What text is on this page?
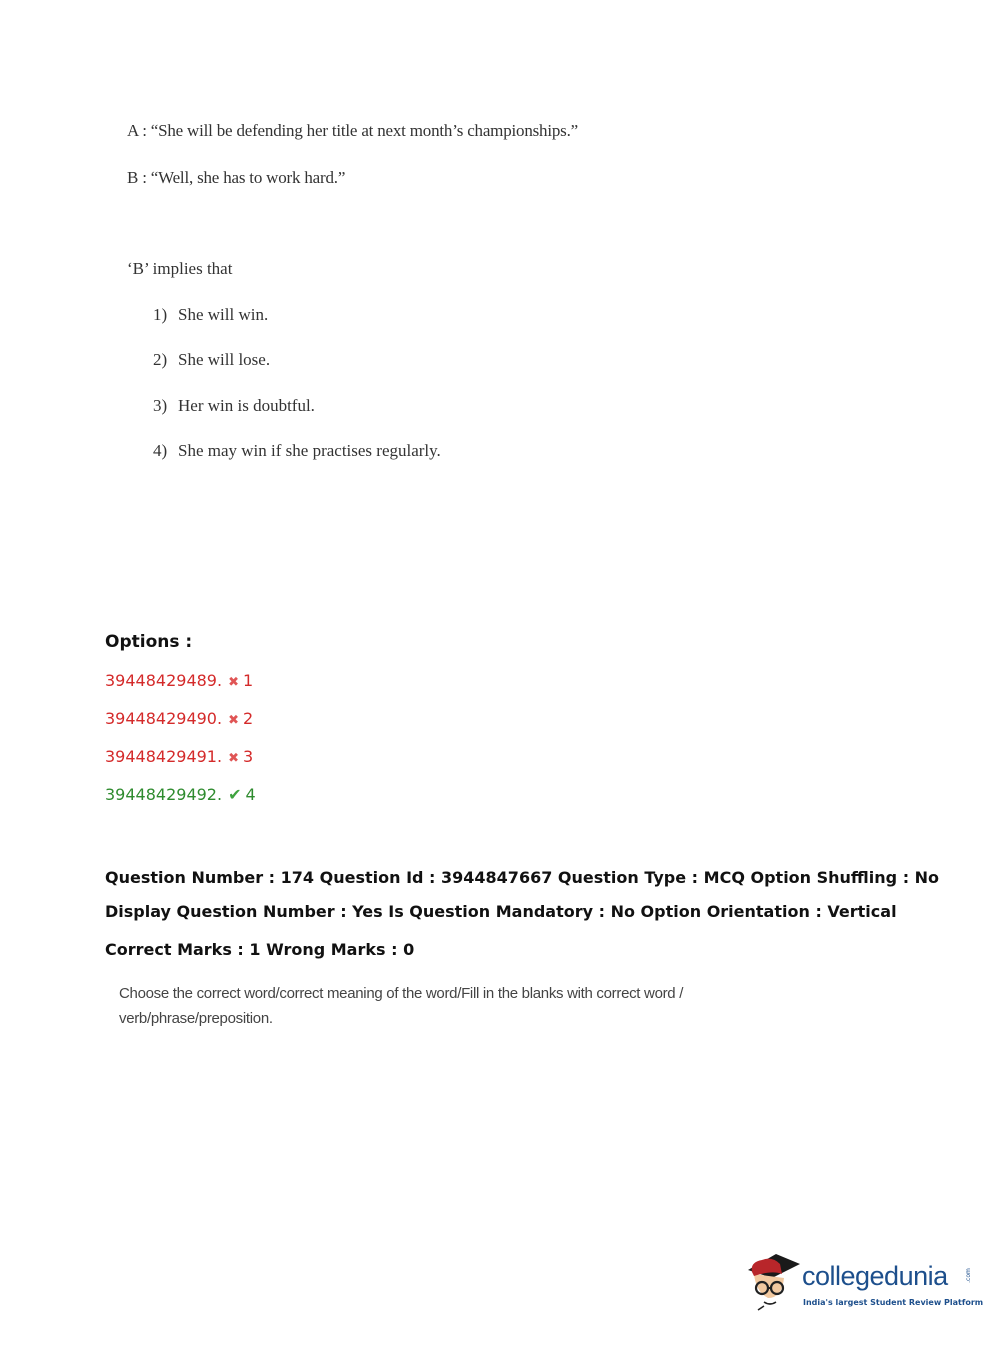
A : “She will be defending her title at next month’s championships.”
B : “Well, she has to work hard.”
‘B’ implies that
1) She will win.
2) She will lose.
3) Her win is doubtful.
4) She may win if she practises regularly.
Options :
39448429489. ✖ 1
39448429490. ✖ 2
39448429491. ✖ 3
39448429492. ✔ 4
Question Number : 174 Question Id : 3944847667 Question Type : MCQ Option Shuffling : No
Display Question Number : Yes Is Question Mandatory : No Option Orientation : Vertical
Correct Marks : 1 Wrong Marks : 0
Choose the correct word/correct meaning of the word/Fill in the blanks with correct word / verb/phrase/preposition.
collegedunia	.com
India's largest Student Review Platform
